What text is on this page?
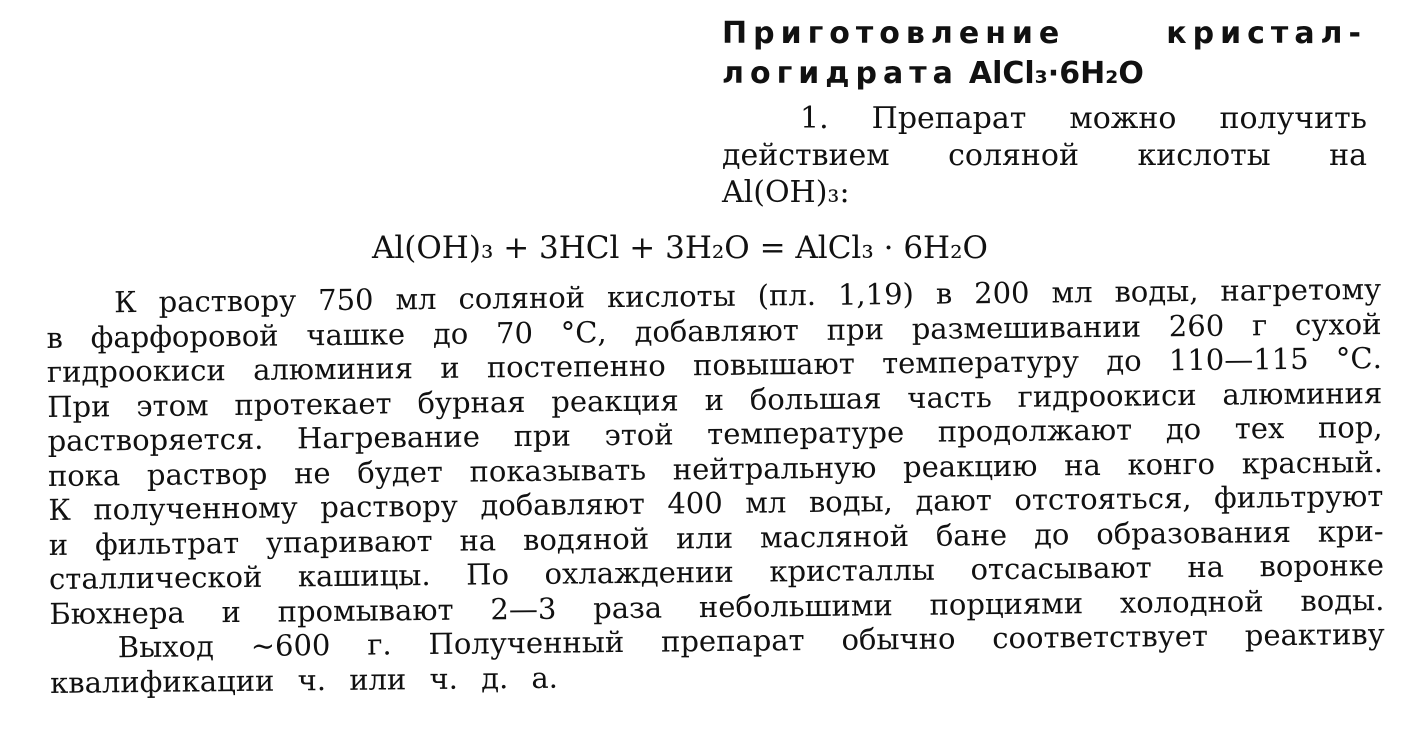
Приготовление кристал-
логидрата AlCl₃·6H₂O
1. Препарат можно получить
действием соляной кислоты на
Al(OH)₃:
Al(OH)₃ + 3HCl + 3H₂O = AlCl₃ · 6H₂O
К раствору 750 мл соляной кислоты (пл. 1,19) в 200 мл воды, нагретому
в фарфоровой чашке до 70 °С, добавляют при размешивании 260 г сухой
гидроокиси алюминия и постепенно повышают температуру до 110—115 °С.
При этом протекает бурная реакция и большая часть гидроокиси алюминия
растворяется. Нагревание при этой температуре продолжают до тех пор,
пока раствор не будет показывать нейтральную реакцию на конго красный.
К полученному раствору добавляют 400 мл воды, дают отстояться, фильтруют
и фильтрат упаривают на водяной или масляной бане до образования кри-
сталлической кашицы. По охлаждении кристаллы отсасывают на воронке
Бюхнера и промывают 2—3 раза небольшими порциями холодной воды.
Выход ∼600 г. Полученный препарат обычно соответствует реактиву
квалификации ч. или ч. д. а.
